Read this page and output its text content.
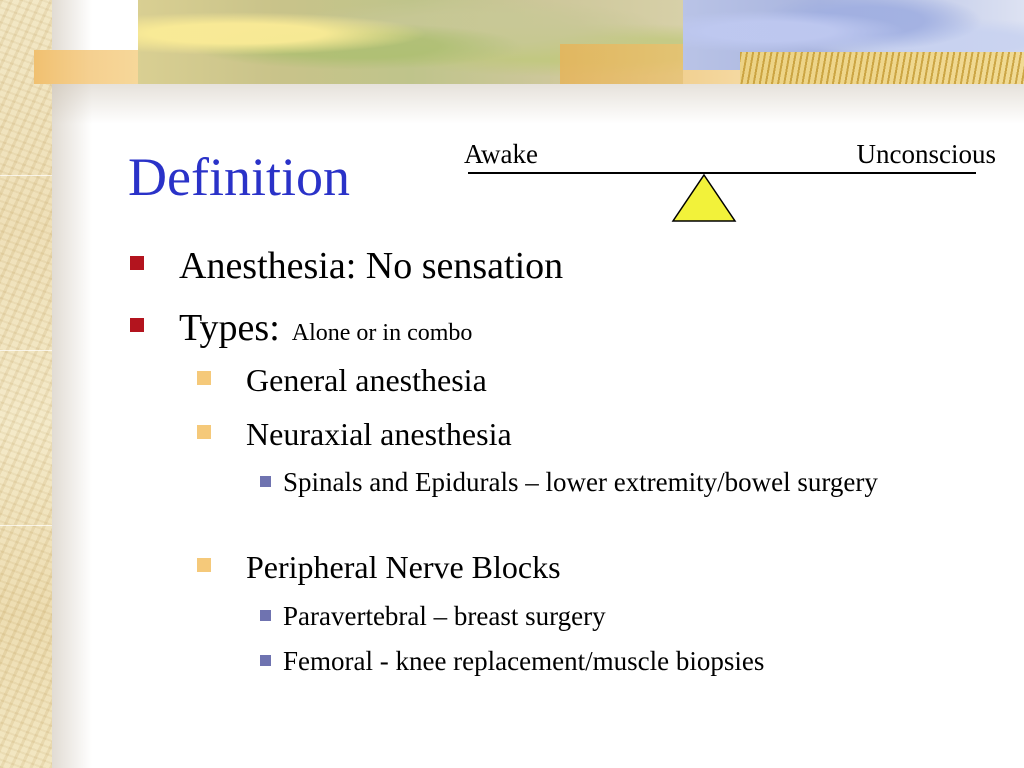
Definition	Awake	Unconscious
Anesthesia: No sensation
Types: Alone or in combo
General anesthesia
Neuraxial anesthesia
Spinals and Epidurals – lower extremity/bowel surgery
Peripheral Nerve Blocks
Paravertebral – breast surgery
Femoral - knee replacement/muscle biopsies
